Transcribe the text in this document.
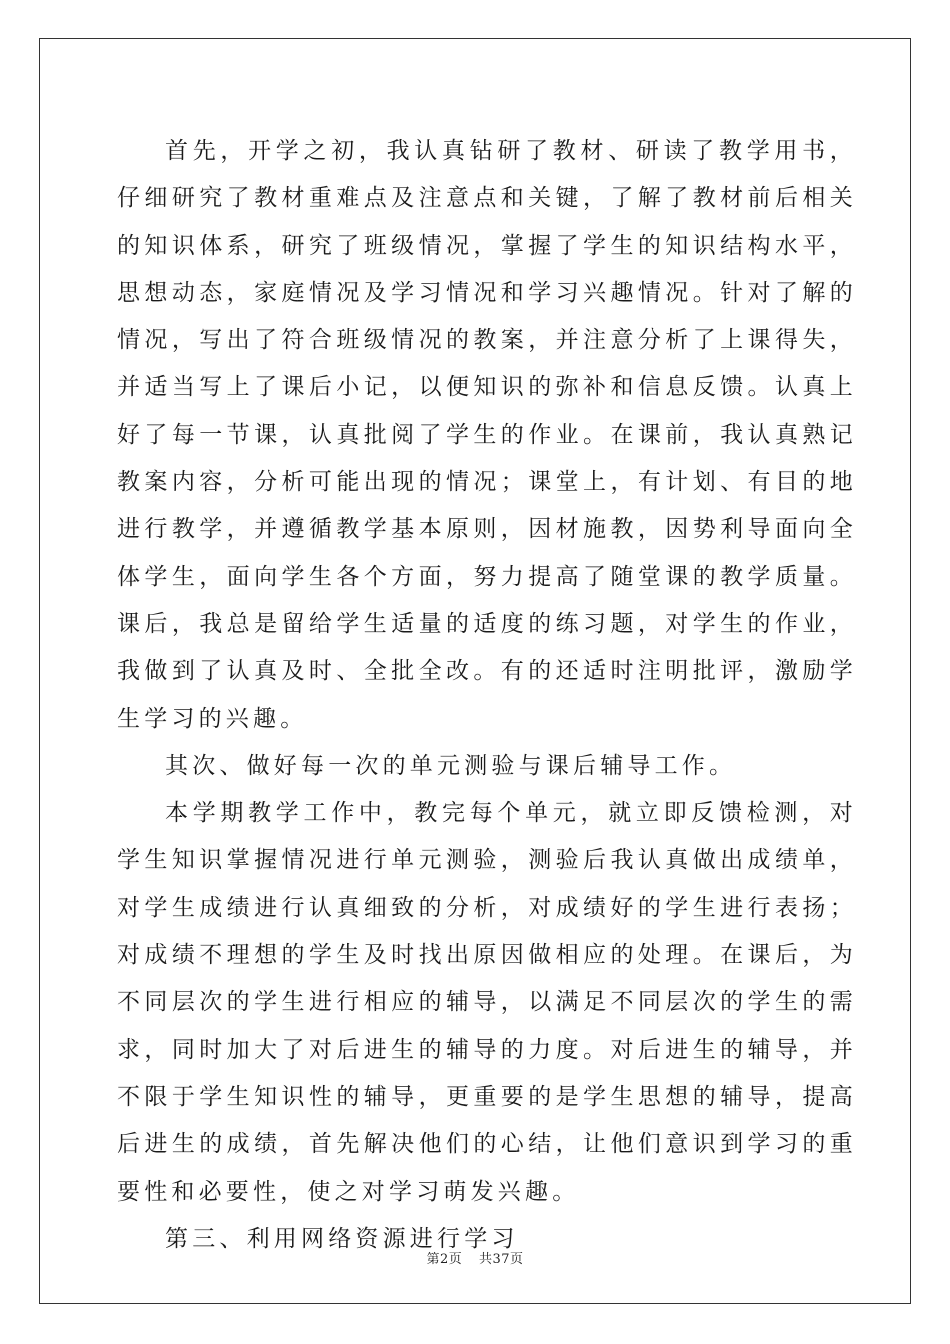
首先，开学之初，我认真钻研了教材、研读了教学用书，仔细研究了教材重难点及注意点和关键，了解了教材前后相关的知识体系，研究了班级情况，掌握了学生的知识结构水平，思想动态，家庭情况及学习情况和学习兴趣情况。针对了解的情况，写出了符合班级情况的教案，并注意分析了上课得失，并适当写上了课后小记，以便知识的弥补和信息反馈。认真上好了每一节课，认真批阅了学生的作业。在课前，我认真熟记教案内容，分析可能出现的情况；课堂上，有计划、有目的地进行教学，并遵循教学基本原则，因材施教，因势利导面向全体学生，面向学生各个方面，努力提高了随堂课的教学质量。课后，我总是留给学生适量的适度的练习题，对学生的作业，我做到了认真及时、全批全改。有的还适时注明批评，激励学生学习的兴趣。

其次、做好每一次的单元测验与课后辅导工作。

本学期教学工作中，教完每个单元，就立即反馈检测，对学生知识掌握情况进行单元测验，测验后我认真做出成绩单，对学生成绩进行认真细致的分析，对成绩好的学生进行表扬；对成绩不理想的学生及时找出原因做相应的处理。在课后，为不同层次的学生进行相应的辅导，以满足不同层次的学生的需求，同时加大了对后进生的辅导的力度。对后进生的辅导，并不限于学生知识性的辅导，更重要的是学生思想的辅导，提高后进生的成绩，首先解决他们的心结，让他们意识到学习的重要性和必要性，使之对学习萌发兴趣。

第三、利用网络资源进行学习

第2页 共37页
